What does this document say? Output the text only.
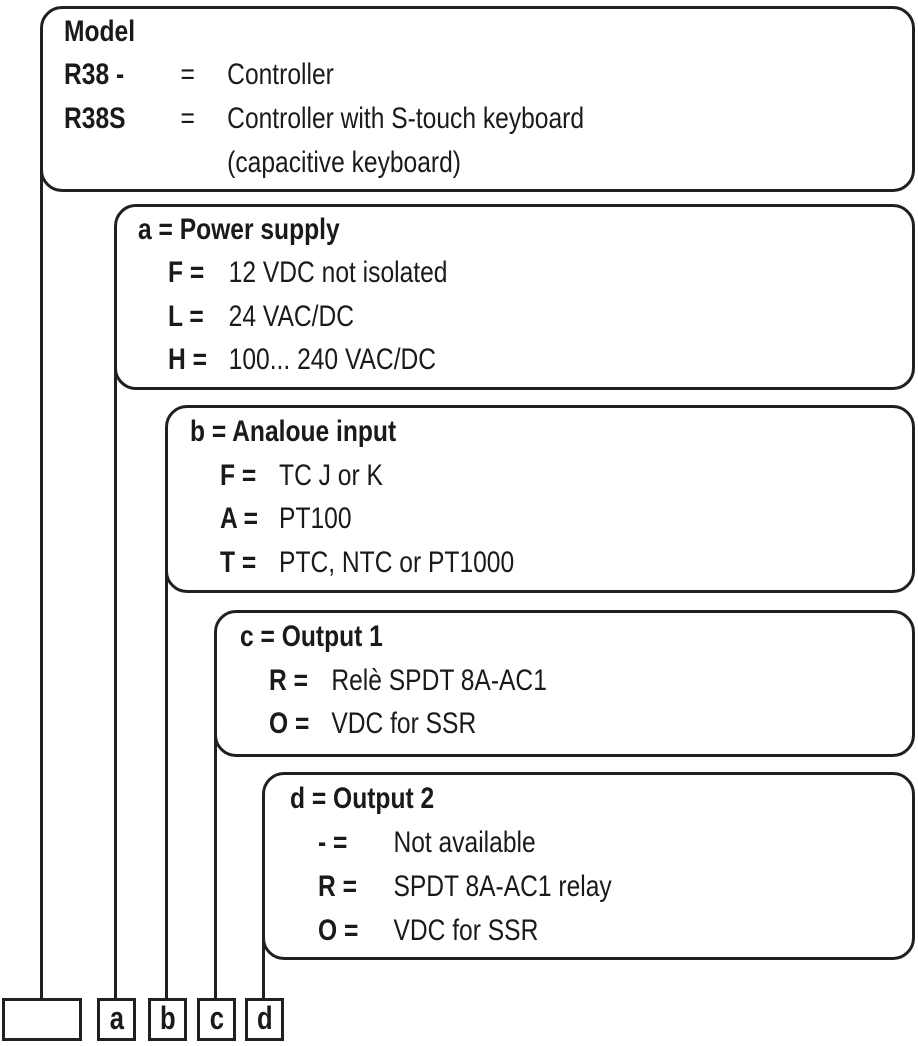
Model
R38 - = Controller
R38S = Controller with S-touch keyboard
(capacitive keyboard)
a = Power supply
F = 12 VDC not isolated
L = 24 VAC/DC
H = 100... 240 VAC/DC
b = Analoue input
F = TC J or K
A = PT100
T = PTC, NTC or PT1000
c = Output 1
R = Relè SPDT 8A-AC1
O = VDC for SSR
d = Output 2
- = Not available
R = SPDT 8A-AC1 relay
O = VDC for SSR
a	b	c	d
